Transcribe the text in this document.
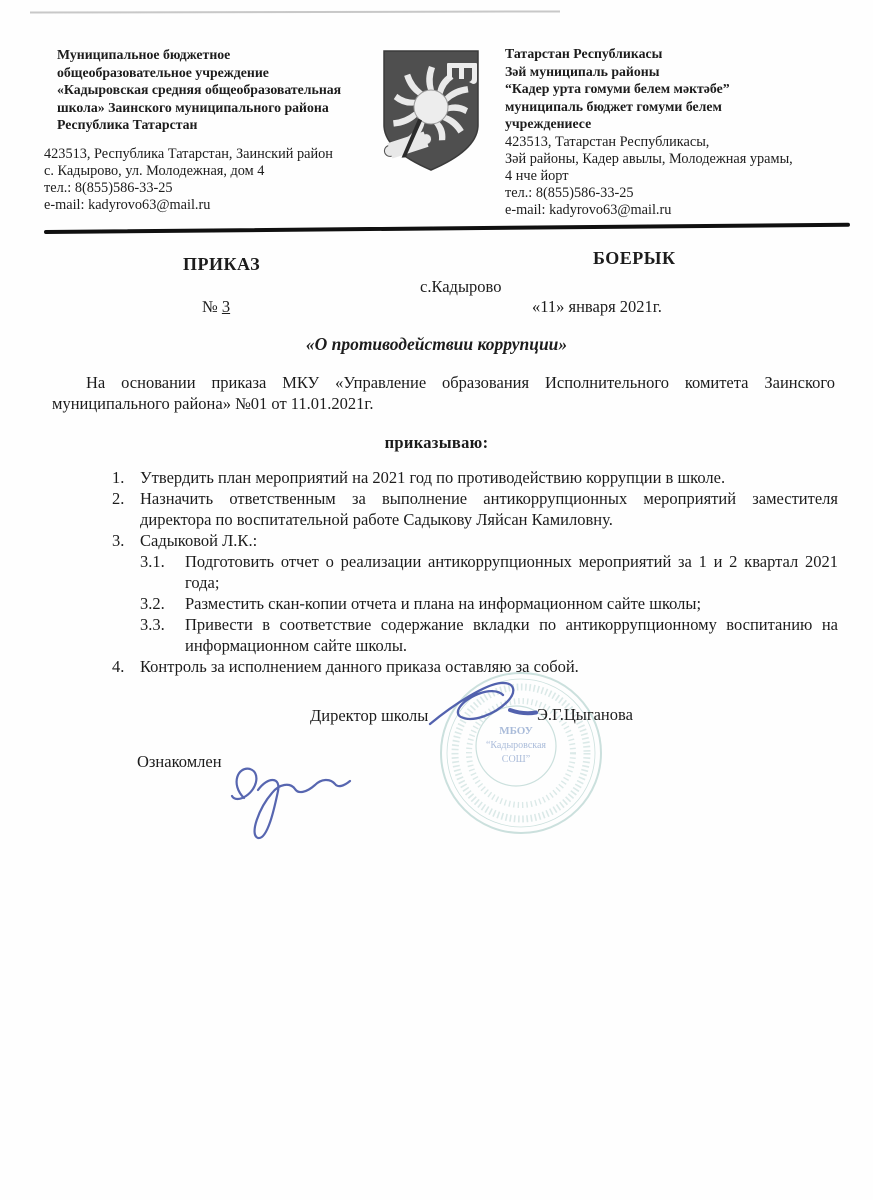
Муниципальное бюджетное
общеобразовательное учреждение
«Кадыровская средняя общеобразовательная
школа» Заинского муниципального района
Республика Татарстан
423513, Республика Татарстан, Заинский район
с. Кадырово, ул. Молодежная, дом 4
тел.: 8(855)586-33-25
e-mail: kadyrovo63@mail.ru
Татарстан Республикасы
Зәй муниципаль районы
“Кадер урта гомуми белем мәктәбе”
муниципаль бюджет гомуми белем
учреждениесе
423513, Татарстан Республикасы,
Зәй районы, Кадер авылы, Молодежная урамы,
4 нче йорт
тел.: 8(855)586-33-25
e-mail: kadyrovo63@mail.ru
ПРИКАЗ	БОЕРЫК
с.Кадырово
№ 3	«11» января 2021г.
«О противодействии коррупции»
На основании приказа МКУ «Управление образования Исполнительного комитета Заинского муниципального района» №01 от 11.01.2021г.
приказываю:
1. Утвердить план мероприятий на 2021 год по противодействию коррупции в школе.
2. Назначить ответственным за выполнение антикоррупционных мероприятий заместителя директора по воспитательной работе Садыкову Ляйсан Камиловну.
3. Садыковой Л.К.:
3.1.	Подготовить отчет о реализации антикоррупционных мероприятий за 1 и 2 квартал 2021 года;
3.2.	Разместить скан-копии отчета и плана на информационном сайте школы;
3.3.	Привести в соответствие содержание вкладки по антикоррупционному воспитанию на информационном сайте школы.
4. Контроль за исполнением данного приказа оставляю за собой.
Директор школы	Э.Г.Цыганова
Ознакомлен
МБОУ
“Кадыровская
СОШ”
